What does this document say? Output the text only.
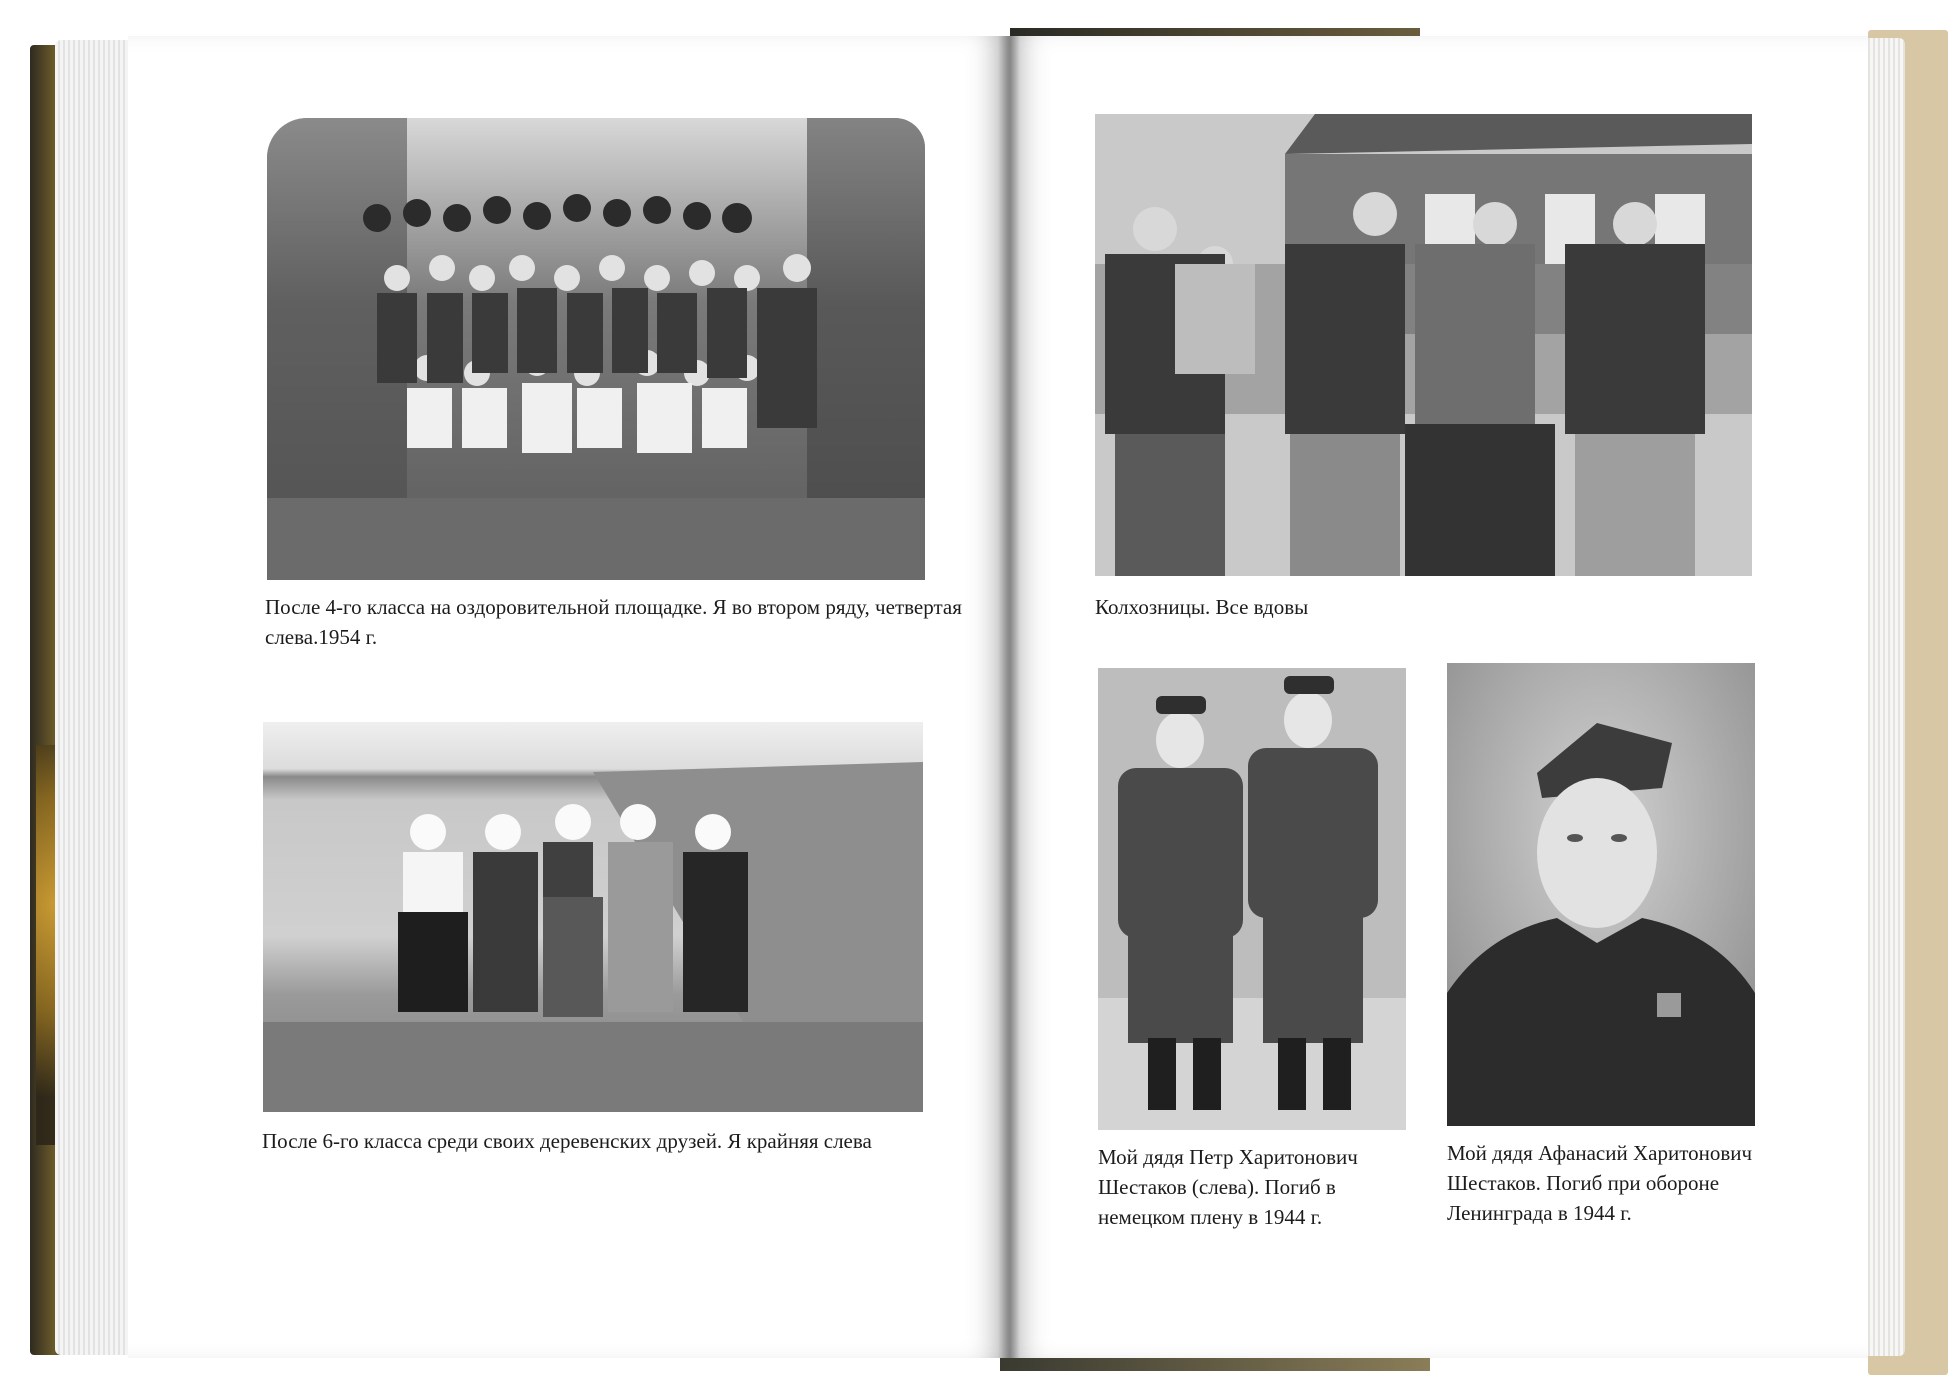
После 4-го класса на оздоровительной площадке. Я во втором ряду, четвертая слева.1954 г.

После 6-го класса среди своих деревенских друзей. Я крайняя слева

Колхозницы. Все вдовы

Мой дядя Петр Харитонович Шестаков (слева). Погиб в немецком плену в 1944 г.

Мой дядя Афанасий Харитонович Шестаков. Погиб при обороне Ленинграда в 1944 г.
